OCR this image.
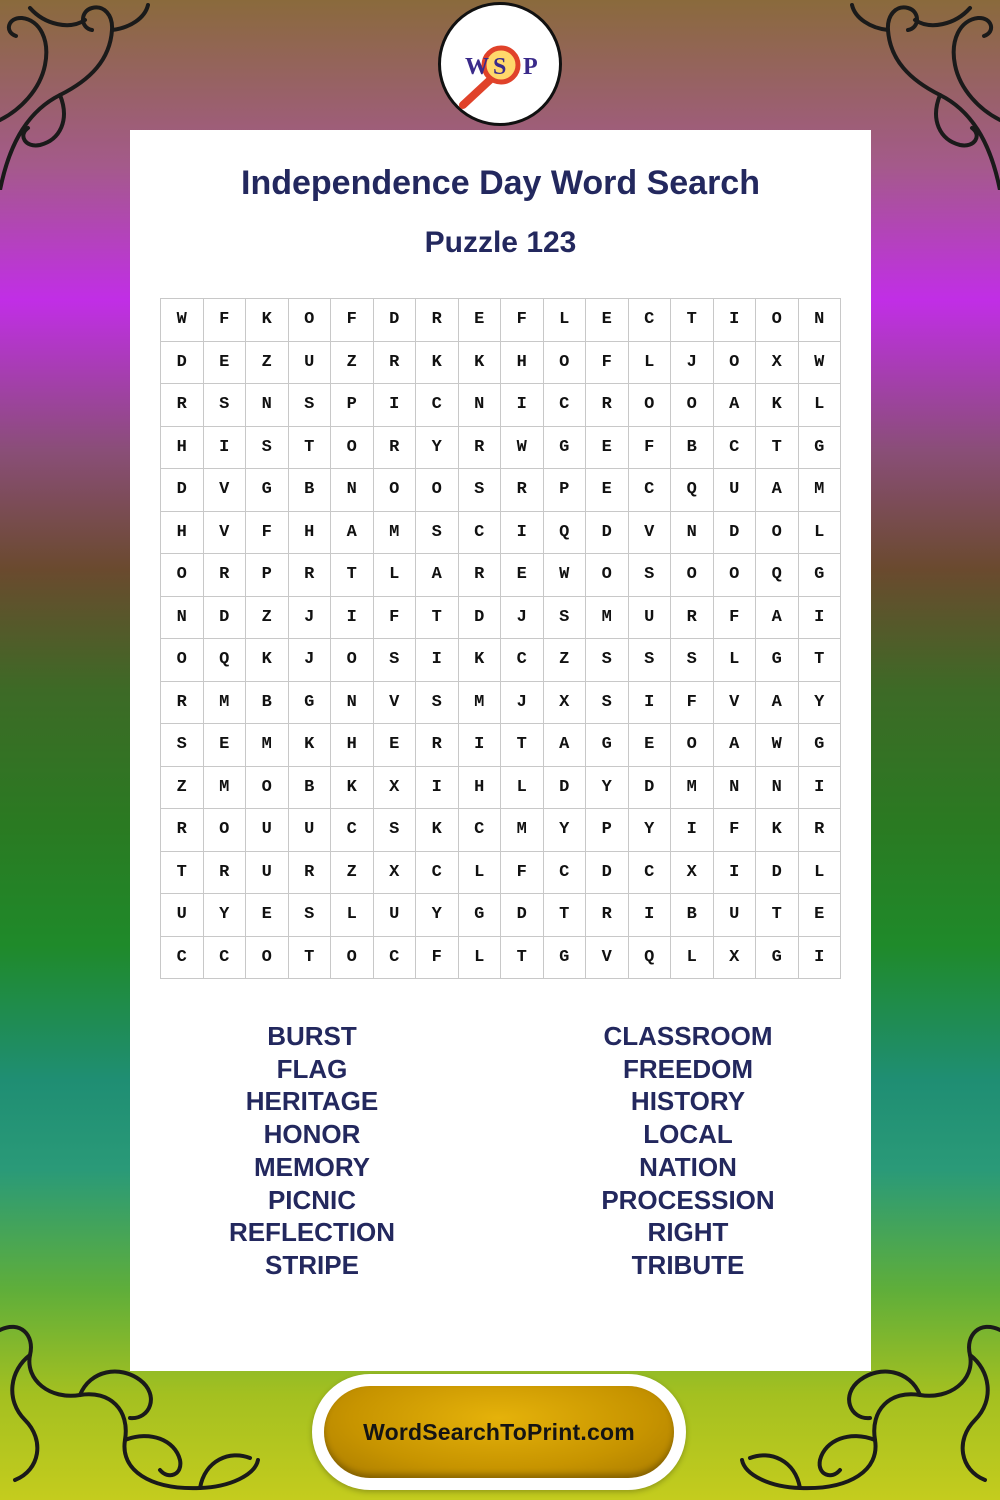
W S P
Independence Day Word Search
Puzzle 123
W	F	K	O	F	D	R	E	F	L	E	C	T	I	O	N
D	E	Z	U	Z	R	K	K	H	O	F	L	J	O	X	W
R	S	N	S	P	I	C	N	I	C	R	O	O	A	K	L
H	I	S	T	O	R	Y	R	W	G	E	F	B	C	T	G
D	V	G	B	N	O	O	S	R	P	E	C	Q	U	A	M
H	V	F	H	A	M	S	C	I	Q	D	V	N	D	O	L
O	R	P	R	T	L	A	R	E	W	O	S	O	O	Q	G
N	D	Z	J	I	F	T	D	J	S	M	U	R	F	A	I
O	Q	K	J	O	S	I	K	C	Z	S	S	S	L	G	T
R	M	B	G	N	V	S	M	J	X	S	I	F	V	A	Y
S	E	M	K	H	E	R	I	T	A	G	E	O	A	W	G
Z	M	O	B	K	X	I	H	L	D	Y	D	M	N	N	I
R	O	U	U	C	S	K	C	M	Y	P	Y	I	F	K	R
T	R	U	R	Z	X	C	L	F	C	D	C	X	I	D	L
U	Y	E	S	L	U	Y	G	D	T	R	I	B	U	T	E
C	C	O	T	O	C	F	L	T	G	V	Q	L	X	G	I
BURST
FLAG
HERITAGE
HONOR
MEMORY
PICNIC
REFLECTION
STRIPE
CLASSROOM
FREEDOM
HISTORY
LOCAL
NATION
PROCESSION
RIGHT
TRIBUTE
WordSearchToPrint.com
